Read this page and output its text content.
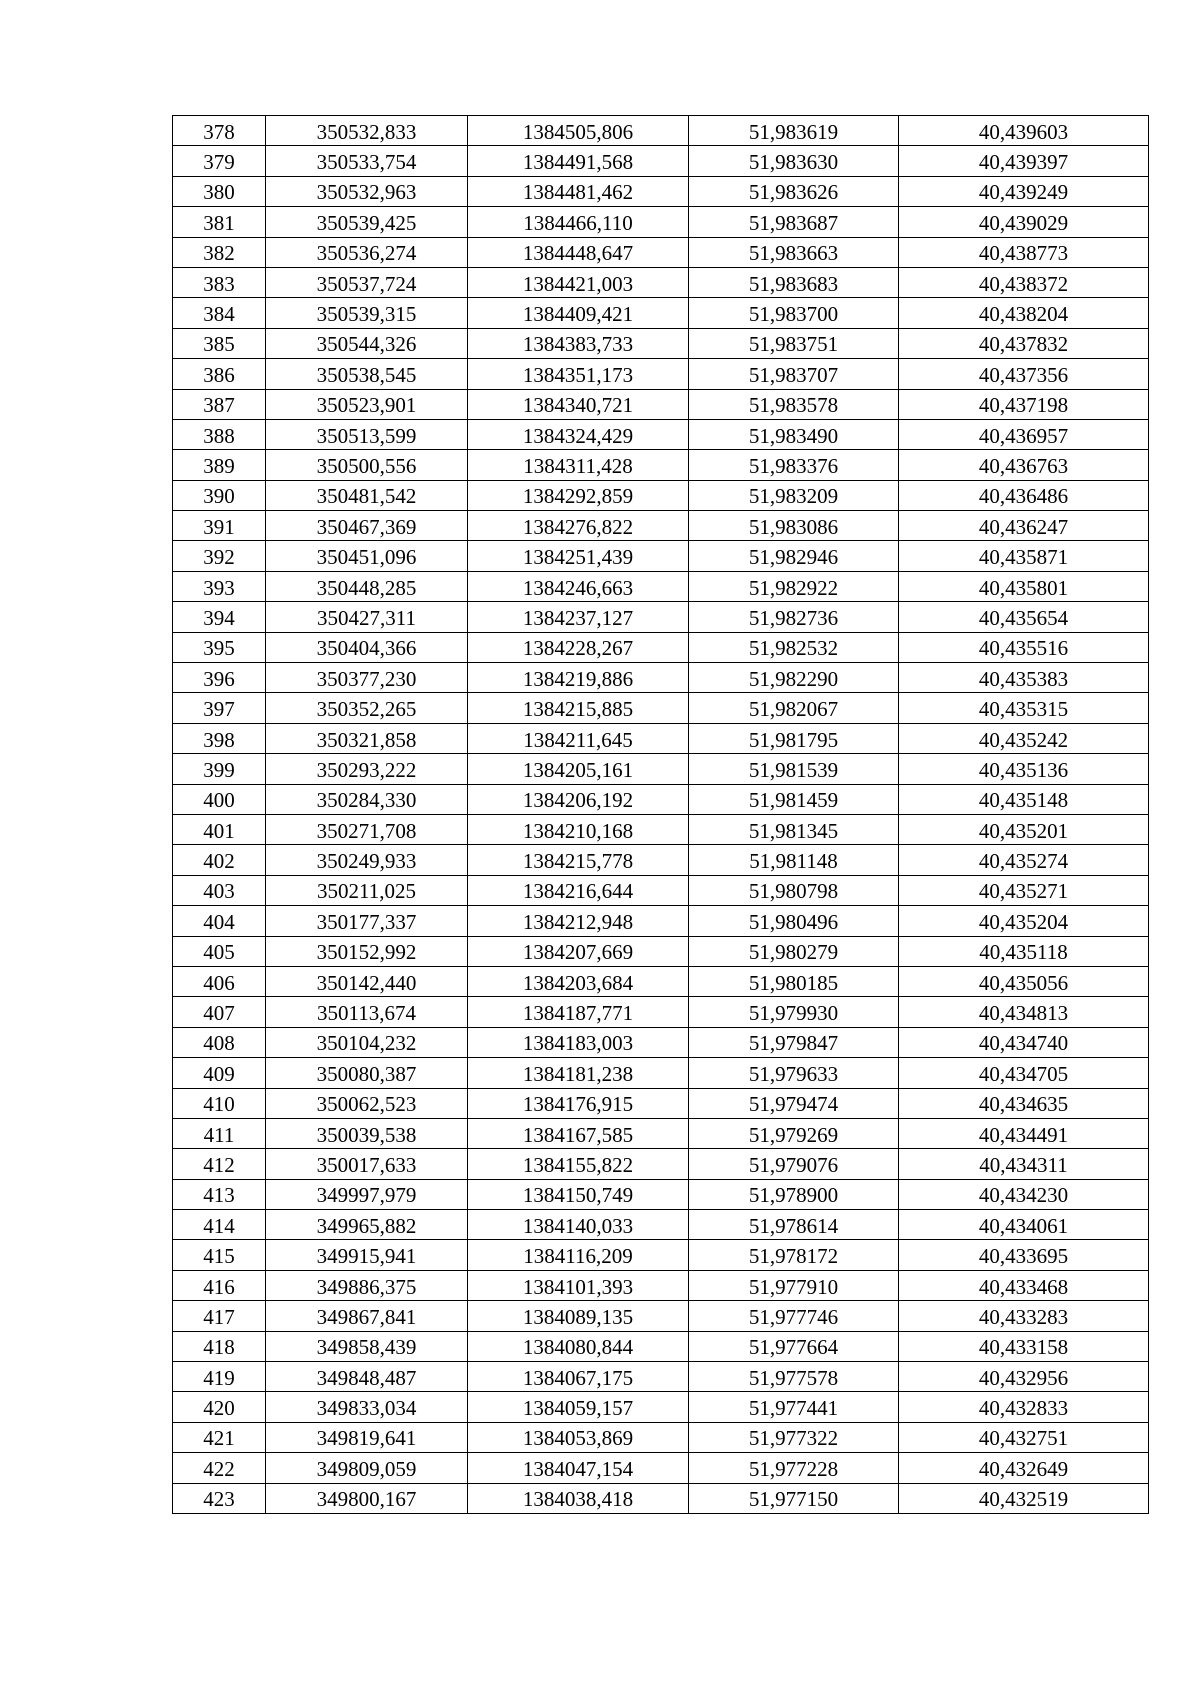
378	350532,833	1384505,806	51,983619	40,439603
379	350533,754	1384491,568	51,983630	40,439397
380	350532,963	1384481,462	51,983626	40,439249
381	350539,425	1384466,110	51,983687	40,439029
382	350536,274	1384448,647	51,983663	40,438773
383	350537,724	1384421,003	51,983683	40,438372
384	350539,315	1384409,421	51,983700	40,438204
385	350544,326	1384383,733	51,983751	40,437832
386	350538,545	1384351,173	51,983707	40,437356
387	350523,901	1384340,721	51,983578	40,437198
388	350513,599	1384324,429	51,983490	40,436957
389	350500,556	1384311,428	51,983376	40,436763
390	350481,542	1384292,859	51,983209	40,436486
391	350467,369	1384276,822	51,983086	40,436247
392	350451,096	1384251,439	51,982946	40,435871
393	350448,285	1384246,663	51,982922	40,435801
394	350427,311	1384237,127	51,982736	40,435654
395	350404,366	1384228,267	51,982532	40,435516
396	350377,230	1384219,886	51,982290	40,435383
397	350352,265	1384215,885	51,982067	40,435315
398	350321,858	1384211,645	51,981795	40,435242
399	350293,222	1384205,161	51,981539	40,435136
400	350284,330	1384206,192	51,981459	40,435148
401	350271,708	1384210,168	51,981345	40,435201
402	350249,933	1384215,778	51,981148	40,435274
403	350211,025	1384216,644	51,980798	40,435271
404	350177,337	1384212,948	51,980496	40,435204
405	350152,992	1384207,669	51,980279	40,435118
406	350142,440	1384203,684	51,980185	40,435056
407	350113,674	1384187,771	51,979930	40,434813
408	350104,232	1384183,003	51,979847	40,434740
409	350080,387	1384181,238	51,979633	40,434705
410	350062,523	1384176,915	51,979474	40,434635
411	350039,538	1384167,585	51,979269	40,434491
412	350017,633	1384155,822	51,979076	40,434311
413	349997,979	1384150,749	51,978900	40,434230
414	349965,882	1384140,033	51,978614	40,434061
415	349915,941	1384116,209	51,978172	40,433695
416	349886,375	1384101,393	51,977910	40,433468
417	349867,841	1384089,135	51,977746	40,433283
418	349858,439	1384080,844	51,977664	40,433158
419	349848,487	1384067,175	51,977578	40,432956
420	349833,034	1384059,157	51,977441	40,432833
421	349819,641	1384053,869	51,977322	40,432751
422	349809,059	1384047,154	51,977228	40,432649
423	349800,167	1384038,418	51,977150	40,432519
